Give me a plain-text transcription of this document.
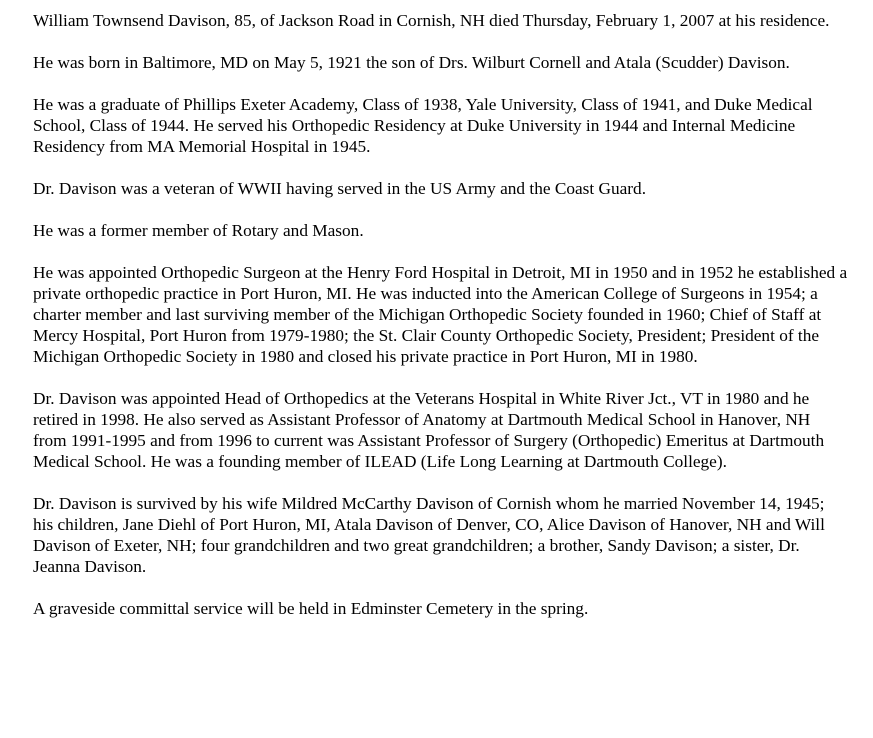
William Townsend Davison, 85, of Jackson Road in Cornish, NH died Thursday, February 1, 2007 at his residence.

He was born in Baltimore, MD on May 5, 1921 the son of Drs. Wilburt Cornell and Atala (Scudder) Davison.

He was a graduate of Phillips Exeter Academy, Class of 1938, Yale University, Class of 1941, and Duke Medical School, Class of 1944. He served his Orthopedic Residency at Duke University in 1944 and Internal Medicine Residency from MA Memorial Hospital in 1945.

Dr. Davison was a veteran of WWII having served in the US Army and the Coast Guard.

He was a former member of Rotary and Mason.

He was appointed Orthopedic Surgeon at the Henry Ford Hospital in Detroit, MI in 1950 and in 1952 he established a private orthopedic practice in Port Huron, MI. He was inducted into the American College of Surgeons in 1954; a charter member and last surviving member of the Michigan Orthopedic Society founded in 1960; Chief of Staff at Mercy Hospital, Port Huron from 1979-1980; the St. Clair County Orthopedic Society, President; President of the Michigan Orthopedic Society in 1980 and closed his private practice in Port Huron, MI in 1980.

Dr. Davison was appointed Head of Orthopedics at the Veterans Hospital in White River Jct., VT in 1980 and he retired in 1998. He also served as Assistant Professor of Anatomy at Dartmouth Medical School in Hanover, NH from 1991-1995 and from 1996 to current was Assistant Professor of Surgery (Orthopedic) Emeritus at Dartmouth Medical School. He was a founding member of ILEAD (Life Long Learning at Dartmouth College).

Dr. Davison is survived by his wife Mildred McCarthy Davison of Cornish whom he married November 14, 1945; his children, Jane Diehl of Port Huron, MI, Atala Davison of Denver, CO, Alice Davison of Hanover, NH and Will Davison of Exeter, NH; four grandchildren and two great grandchildren; a brother, Sandy Davison; a sister, Dr. Jeanna Davison.

A graveside committal service will be held in Edminster Cemetery in the spring.
